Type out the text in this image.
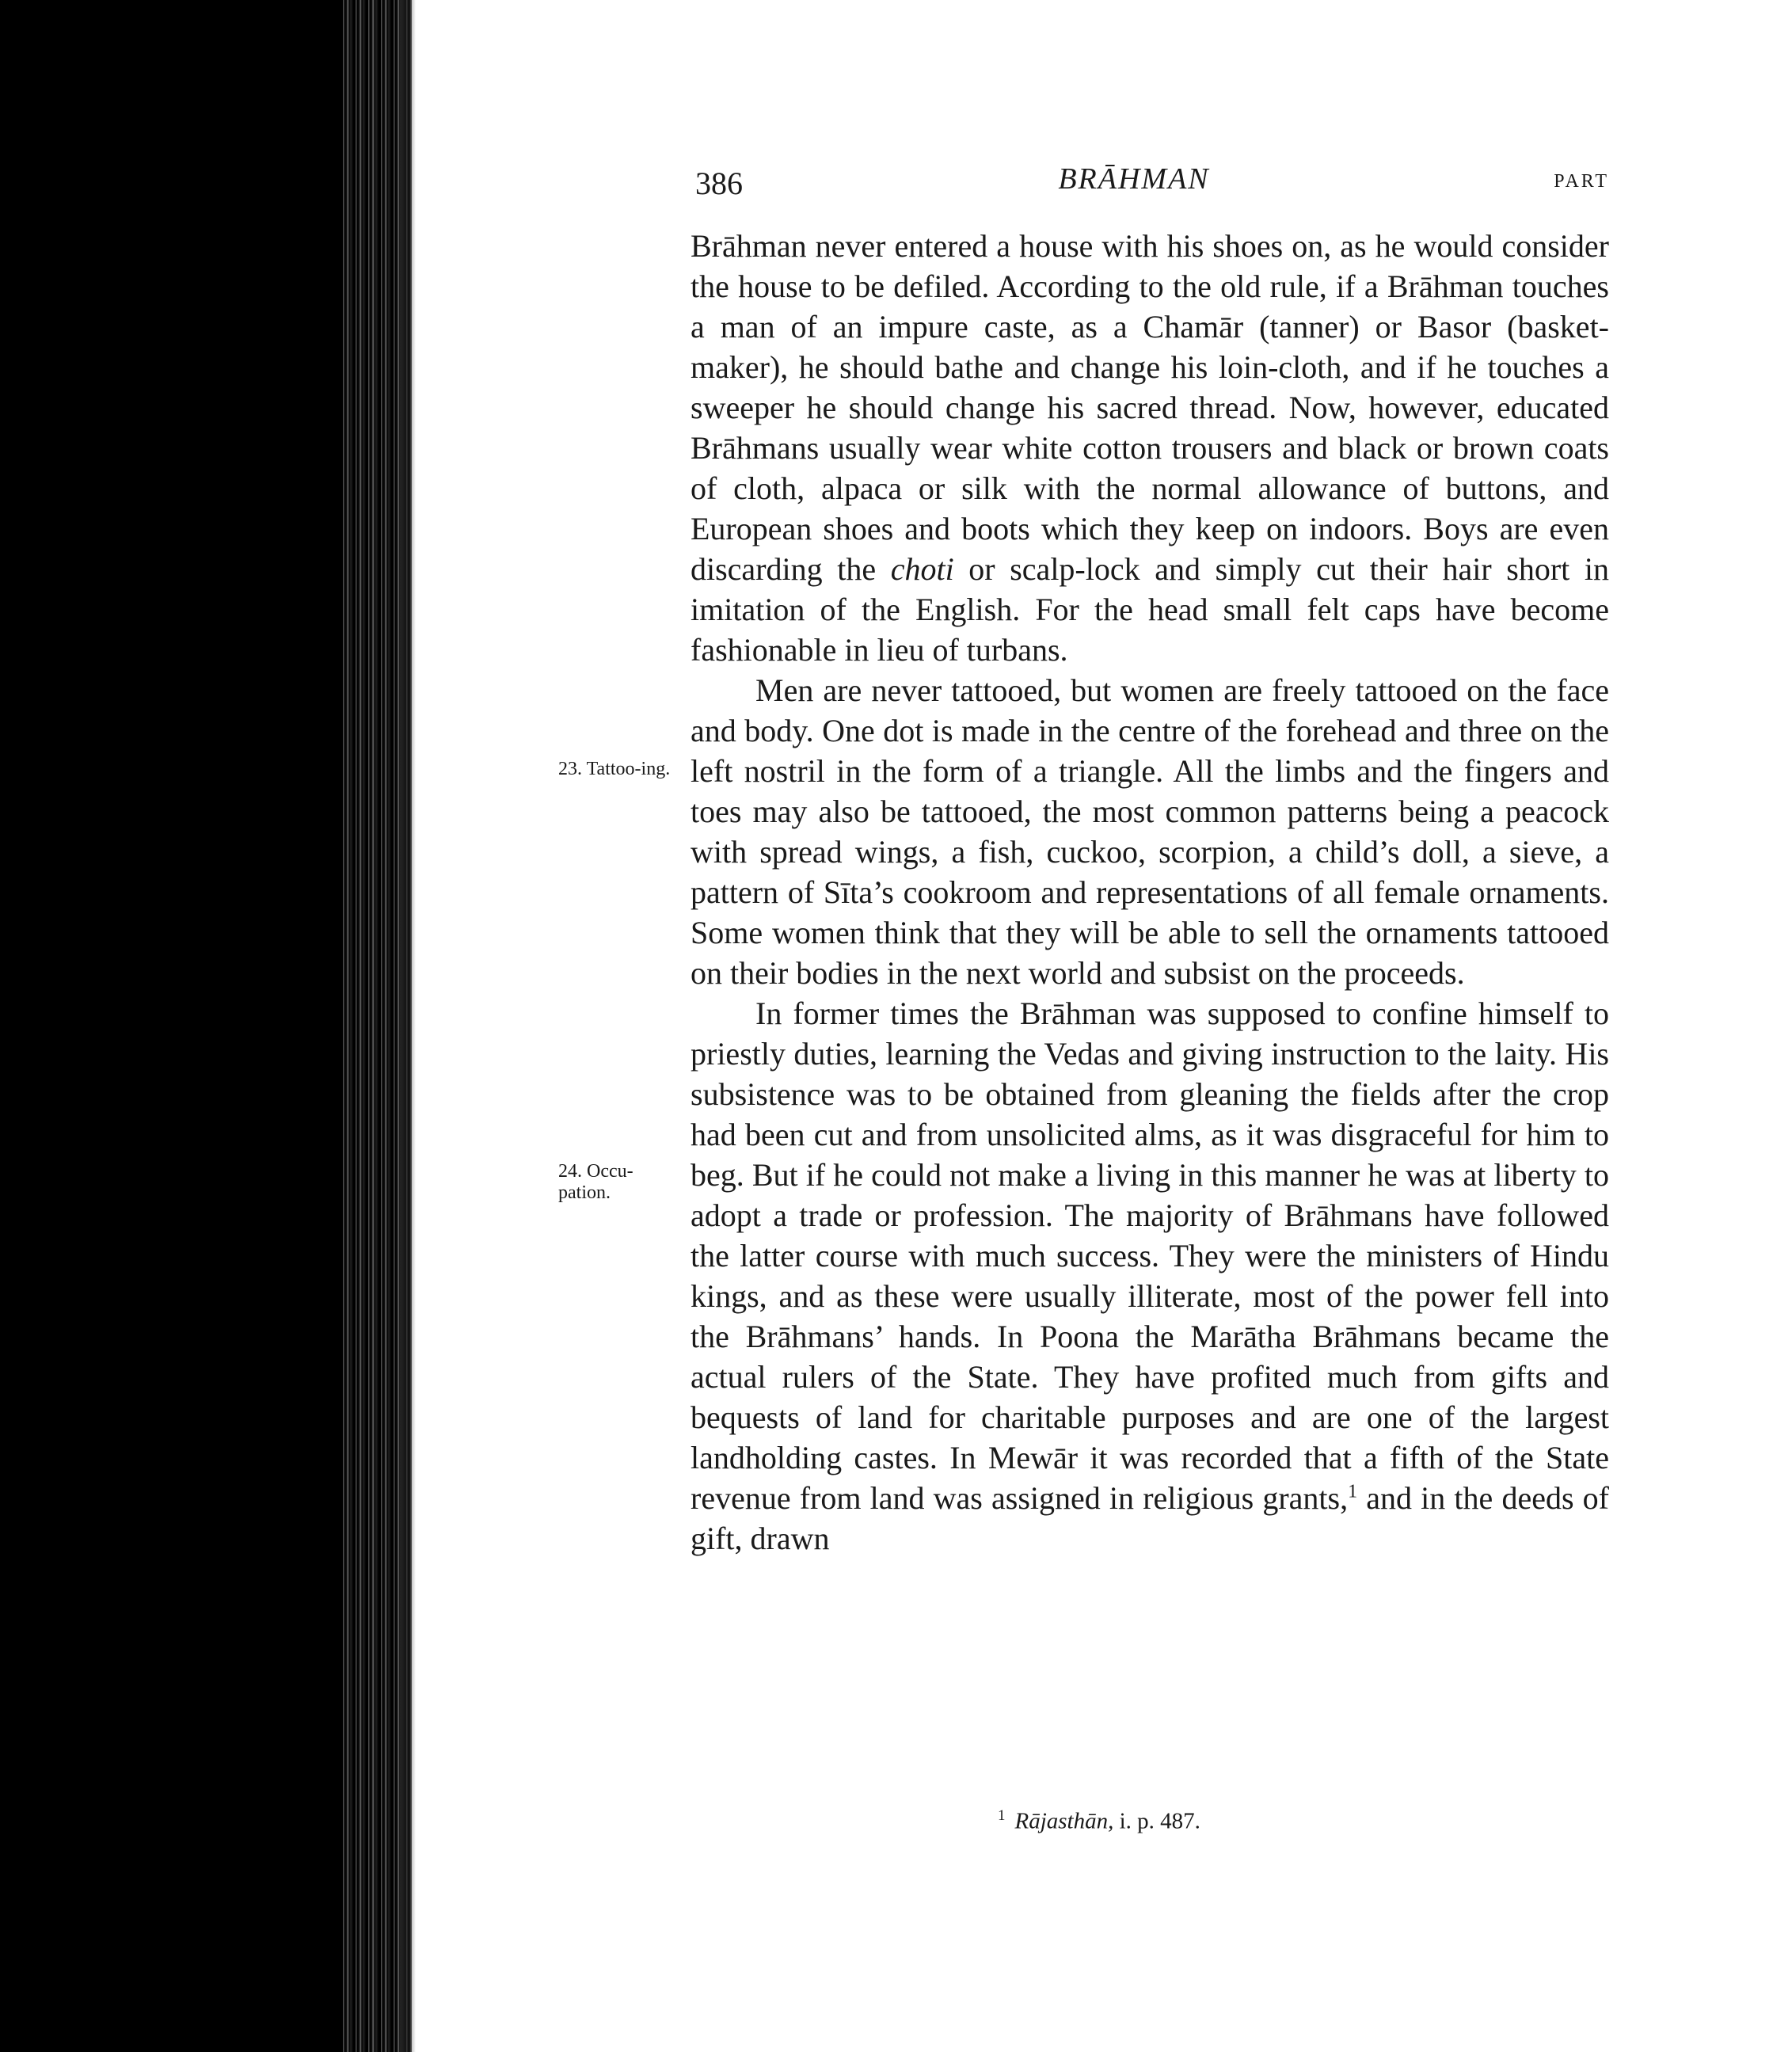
386	BRĀHMAN	PART
23. Tattoo-ing.
24. Occu-pation.

Brāhman never entered a house with his shoes on, as he would consider the house to be defiled. According to the old rule, if a Brāhman touches a man of an impure caste, as a Chamār (tanner) or Basor (basket-maker), he should bathe and change his loin-cloth, and if he touches a sweeper he should change his sacred thread. Now, however, educated Brāhmans usually wear white cotton trousers and black or brown coats of cloth, alpaca or silk with the normal allowance of buttons, and European shoes and boots which they keep on indoors. Boys are even discarding the choti or scalp-lock and simply cut their hair short in imitation of the English. For the head small felt caps have become fashionable in lieu of turbans.

Men are never tattooed, but women are freely tattooed on the face and body. One dot is made in the centre of the forehead and three on the left nostril in the form of a triangle. All the limbs and the fingers and toes may also be tattooed, the most common patterns being a peacock with spread wings, a fish, cuckoo, scorpion, a child’s doll, a sieve, a pattern of Sīta’s cookroom and representations of all female ornaments. Some women think that they will be able to sell the ornaments tattooed on their bodies in the next world and subsist on the proceeds.

In former times the Brāhman was supposed to confine himself to priestly duties, learning the Vedas and giving instruction to the laity. His subsistence was to be obtained from gleaning the fields after the crop had been cut and from unsolicited alms, as it was disgraceful for him to beg. But if he could not make a living in this manner he was at liberty to adopt a trade or profession. The majority of Brāhmans have followed the latter course with much success. They were the ministers of Hindu kings, and as these were usually illiterate, most of the power fell into the Brāhmans’ hands. In Poona the Marātha Brāhmans became the actual rulers of the State. They have profited much from gifts and bequests of land for charitable purposes and are one of the largest landholding castes. In Mewār it was recorded that a fifth of the State revenue from land was assigned in religious grants,$^1$ and in the deeds of gift, drawn

$^1$ Rājasthān, i. p. 487.
